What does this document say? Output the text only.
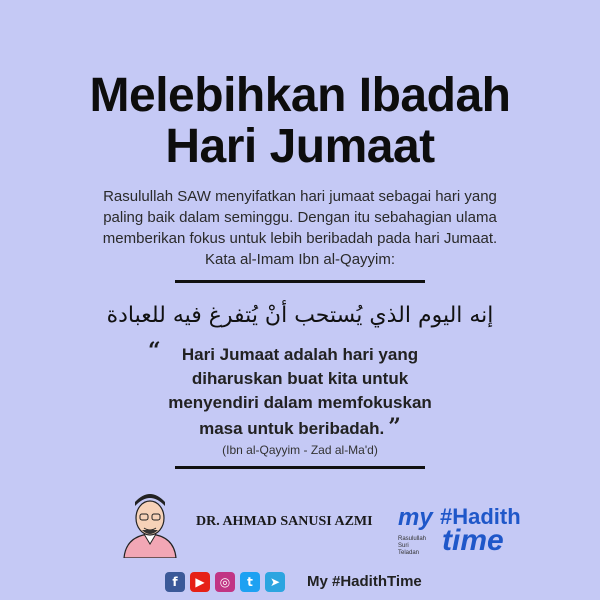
Melebihkan Ibadah
Hari Jumaat
Rasulullah SAW menyifatkan hari jumaat sebagai hari yang
paling baik dalam seminggu. Dengan itu sebahagian ulama
memberikan fokus untuk lebih beribadah pada hari Jumaat.
Kata al-Imam Ibn al-Qayyim:
إنه اليوم الذي يُستحب أنْ يُتفرغ فيه للعبادة
“	Hari Jumaat adalah hari yang
diharuskan buat kita untuk
menyendiri dalam memfokuskan
masa untuk beribadah. ”
(Ibn al-Qayyim - Zad al-Ma'd)
DR. AHMAD SANUSI AZMI my #Hadith
Rasulullah
Suri
Teladan time
f	▶	◎	t	➤	My #HadithTime
